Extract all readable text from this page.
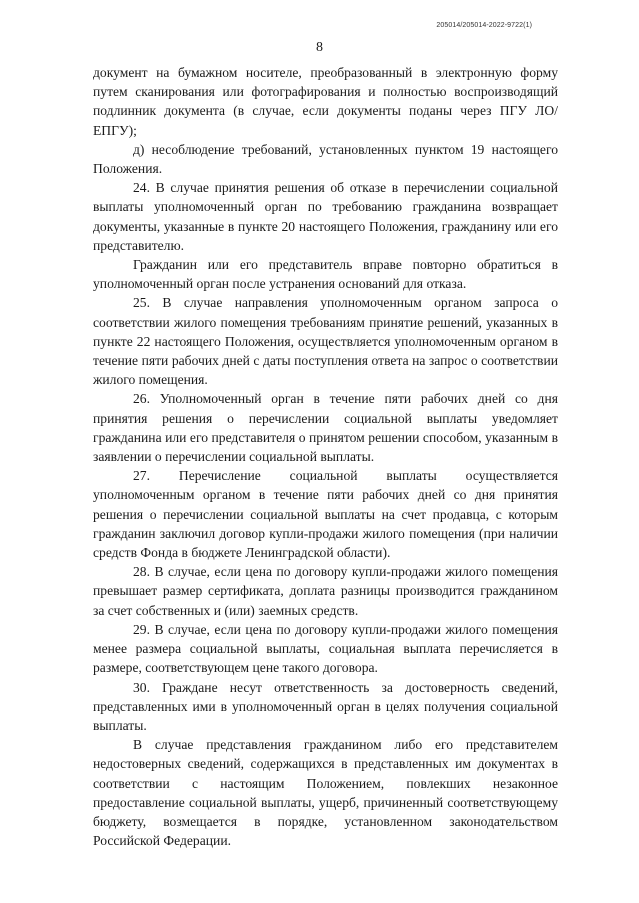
205014/205014-2022-9722(1)
8

документ на бумажном носителе, преобразованный в электронную форму путем сканирования или фотографирования и полностью воспроизводящий подлинник документа (в случае, если документы поданы через ПГУ ЛО/ЕПГУ);

д) несоблюдение требований, установленных пунктом 19 настоящего Положения.

24. В случае принятия решения об отказе в перечислении социальной выплаты уполномоченный орган по требованию гражданина возвращает документы, указанные в пункте 20 настоящего Положения, гражданину или его представителю.

Гражданин или его представитель вправе повторно обратиться в уполномоченный орган после устранения оснований для отказа.

25. В случае направления уполномоченным органом запроса о соответствии жилого помещения требованиям принятие решений, указанных в пункте 22 настоящего Положения, осуществляется уполномоченным органом в течение пяти рабочих дней с даты поступления ответа на запрос о соответствии жилого помещения.

26. Уполномоченный орган в течение пяти рабочих дней со дня принятия решения о перечислении социальной выплаты уведомляет гражданина или его представителя о принятом решении способом, указанным в заявлении о перечислении социальной выплаты.

27. Перечисление социальной выплаты осуществляется уполномоченным органом в течение пяти рабочих дней со дня принятия решения о перечислении социальной выплаты на счет продавца, с которым гражданин заключил договор купли-продажи жилого помещения (при наличии средств Фонда в бюджете Ленинградской области).

28. В случае, если цена по договору купли-продажи жилого помещения превышает размер сертификата, доплата разницы производится гражданином за счет собственных и (или) заемных средств.

29. В случае, если цена по договору купли-продажи жилого помещения менее размера социальной выплаты, социальная выплата перечисляется в размере, соответствующем цене такого договора.

30. Граждане несут ответственность за достоверность сведений, представленных ими в уполномоченный орган в целях получения социальной выплаты.

В случае представления гражданином либо его представителем недостоверных сведений, содержащихся в представленных им документах в соответствии с настоящим Положением, повлекших незаконное предоставление социальной выплаты, ущерб, причиненный соответствующему бюджету, возмещается в порядке, установленном законодательством Российской Федерации.
